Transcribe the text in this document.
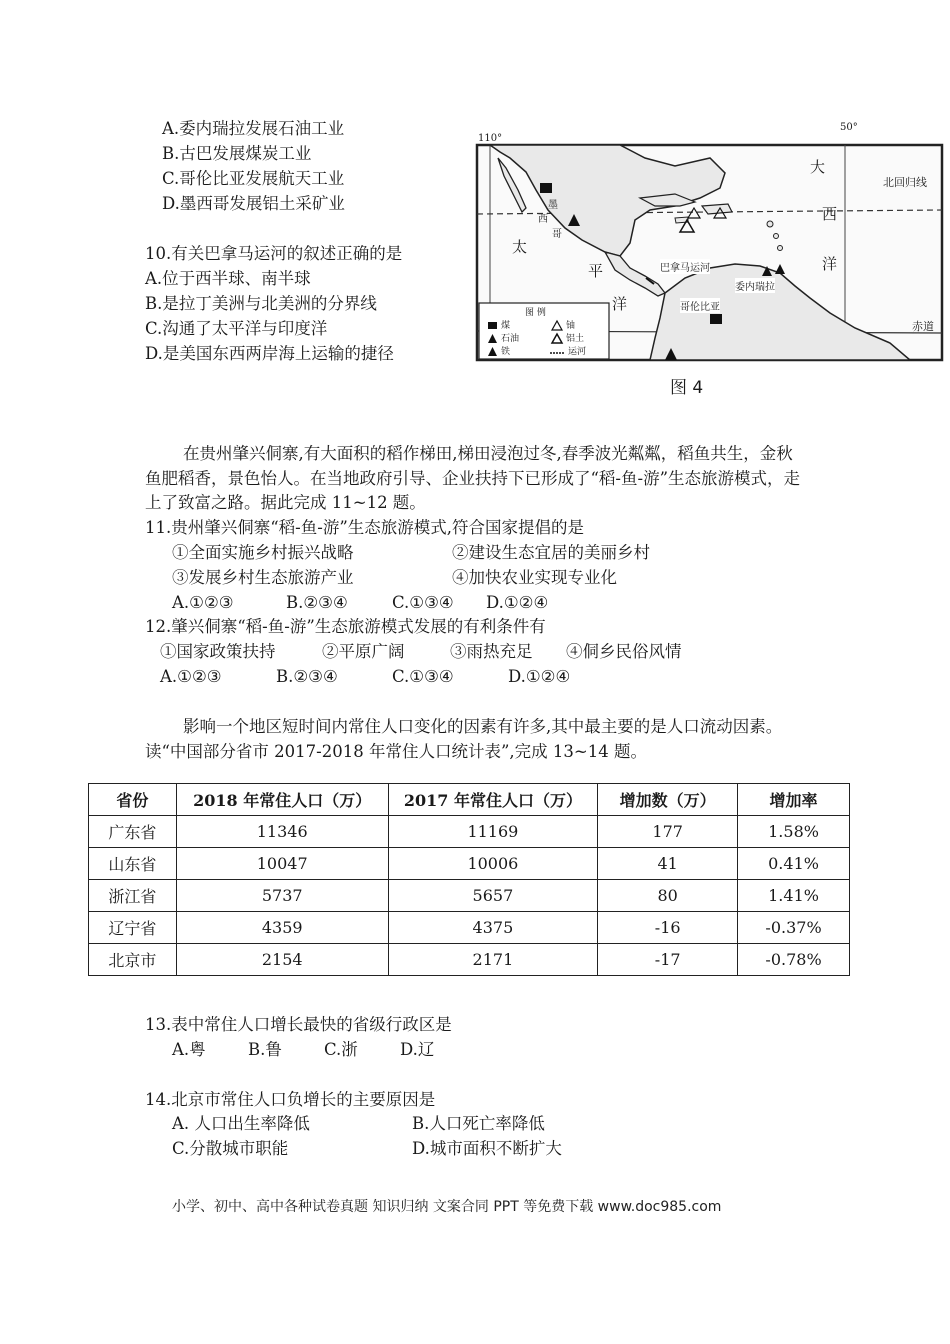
A.委内瑞拉发展石油工业
B.古巴发展煤炭工业
C.哥伦比亚发展航天工业
D.墨西哥发展铝土采矿业
10.有关巴拿马运河的叙述正确的是
A.位于西半球、南半球
B.是拉丁美洲与北美洲的分界线
C.沟通了太平洋与印度洋
D.是美国东西两岸海上运输的捷径
110°
50°
北回归线
赤道
大
西
洋
太
平
洋
墨
西
哥
巴拿马运河
委内瑞拉
哥伦比亚
图 例
煤	铀
石油	铝土
铁	运河
图 4
在贵州肇兴侗寨,有大面积的稻作梯田,梯田浸泡过冬,春季波光粼粼，稻鱼共生，金秋鱼肥稻香，景色怡人。在当地政府引导、企业扶持下已形成了“稻-鱼-游”生态旅游模式，走上了致富之路。据此完成 11~12 题。
11.贵州肇兴侗寨“稻-鱼-游”生态旅游模式,符合国家提倡的是
①全面实施乡村振兴战略	②建设生态宜居的美丽乡村
③发展乡村生态旅游产业	④加快农业实现专业化
A.①②③	B.②③④	C.①③④ D.①②④
12.肇兴侗寨“稻-鱼-游”生态旅游模式发展的有利条件有
①国家政策扶持	②平原广阔	③雨热充足 ④侗乡民俗风情
A.①②③	B.②③④	C.①③④	D.①②④
影响一个地区短时间内常住人口变化的因素有许多,其中最主要的是人口流动因素。 读“中国部分省市 2017-2018 年常住人口统计表”,完成 13~14 题。
省份	2018 年常住人口（万）	2017 年常住人口（万）	增加数（万）	增加率
广东省	11346	11169	177	1.58%
山东省	10047	10006	41	0.41%
浙江省	5737	5657	80	1.41%
辽宁省	4359	4375	-16	-0.37%
北京市	2154	2171	-17	-0.78%
13.表中常住人口增长最快的省级行政区是
A.粤	B.鲁	C.浙	D.辽
14.北京市常住人口负增长的主要原因是
A. 人口出生率降低	B.人口死亡率降低
C.分散城市职能	D.城市面积不断扩大
小学、初中、高中各种试卷真题 知识归纳 文案合同 PPT 等免费下载 www.doc985.com
